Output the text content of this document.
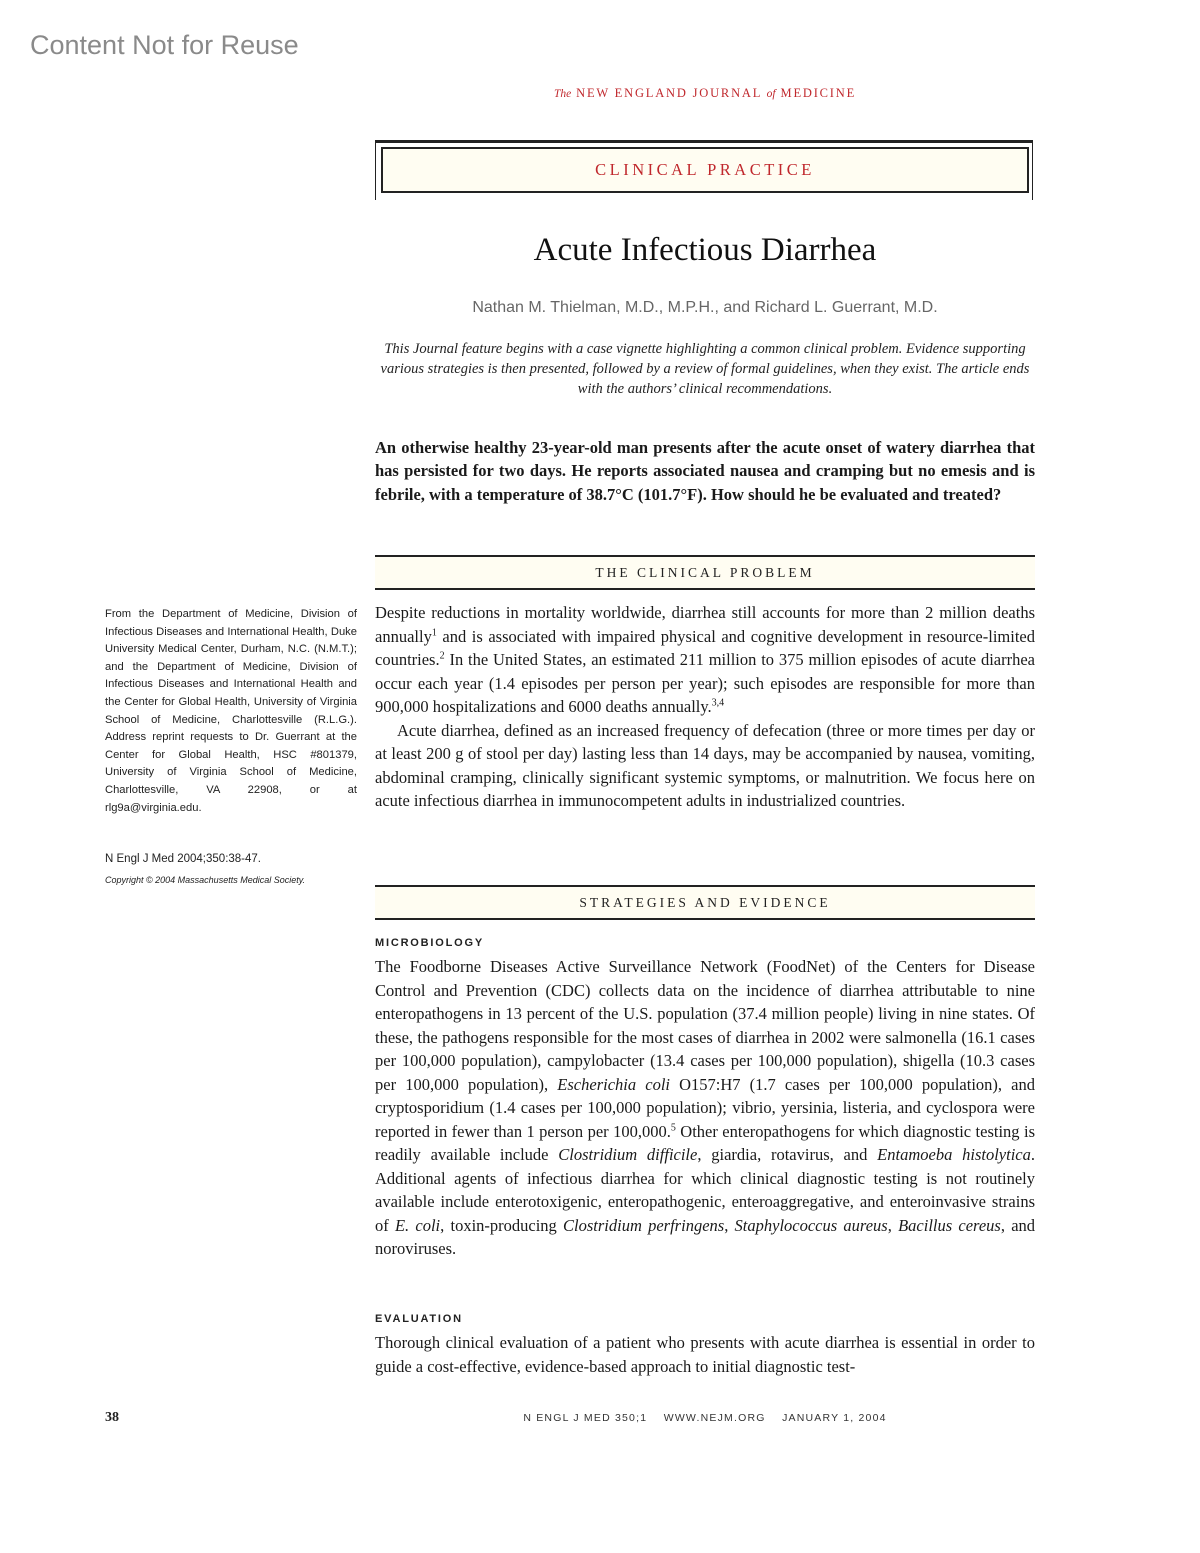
Content Not for Reuse
The NEW ENGLAND JOURNAL of MEDICINE
CLINICAL PRACTICE
Acute Infectious Diarrhea
Nathan M. Thielman, M.D., M.P.H., and Richard L. Guerrant, M.D.
This Journal feature begins with a case vignette highlighting a common clinical problem. Evidence supporting various strategies is then presented, followed by a review of formal guidelines, when they exist. The article ends with the authors’ clinical recommendations.
An otherwise healthy 23-year-old man presents after the acute onset of watery diarrhea that has persisted for two days. He reports associated nausea and cramping but no emesis and is febrile, with a temperature of 38.7°C (101.7°F). How should he be evaluated and treated?
THE CLINICAL PROBLEM

Despite reductions in mortality worldwide, diarrhea still accounts for more than 2 million deaths annually$^1$ and is associated with impaired physical and cognitive development in resource-limited countries.$^2$ In the United States, an estimated 211 million to 375 million episodes of acute diarrhea occur each year (1.4 episodes per person per year); such episodes are responsible for more than 900,000 hospitalizations and 6000 deaths annually.$^{3,4}$

Acute diarrhea, defined as an increased frequency of defecation (three or more times per day or at least 200 g of stool per day) lasting less than 14 days, may be accompanied by nausea, vomiting, abdominal cramping, clinically significant systemic symptoms, or malnutrition. We focus here on acute infectious diarrhea in immunocompetent adults in industrialized countries.

From the Department of Medicine, Division of Infectious Diseases and International Health, Duke University Medical Center, Durham, N.C. (N.M.T.); and the Department of Medicine, Division of Infectious Diseases and International Health and the Center for Global Health, University of Virginia School of Medicine, Charlottesville (R.L.G.). Address reprint requests to Dr. Guerrant at the Center for Global Health, HSC #801379, University of Virginia School of Medicine, Charlottesville, VA 22908, or at rlg9a@virginia.edu.
N Engl J Med 2004;350:38-47.
Copyright © 2004 Massachusetts Medical Society.
STRATEGIES AND EVIDENCE
MICROBIOLOGY

The Foodborne Diseases Active Surveillance Network (FoodNet) of the Centers for Disease Control and Prevention (CDC) collects data on the incidence of diarrhea attributable to nine enteropathogens in 13 percent of the U.S. population (37.4 million people) living in nine states. Of these, the pathogens responsible for the most cases of diarrhea in 2002 were salmonella (16.1 cases per 100,000 population), campylobacter (13.4 cases per 100,000 population), shigella (10.3 cases per 100,000 population), Escherichia coli O157:H7 (1.7 cases per 100,000 population), and cryptosporidium (1.4 cases per 100,000 population); vibrio, yersinia, listeria, and cyclospora were reported in fewer than 1 person per 100,000.$^5$ Other enteropathogens for which diagnostic testing is readily available include Clostridium difficile, giardia, rotavirus, and Entamoeba histolytica. Additional agents of infectious diarrhea for which clinical diagnostic testing is not routinely available include enterotoxigenic, enteropathogenic, enteroaggregative, and enteroinvasive strains of E. coli, toxin-producing Clostridium perfringens, Staphylococcus aureus, Bacillus cereus, and noroviruses.

EVALUATION

Thorough clinical evaluation of a patient who presents with acute diarrhea is essential in order to guide a cost-effective, evidence-based approach to initial diagnostic test-

38	N ENGL J MED 350;1    WWW.NEJM.ORG    JANUARY 1, 2004
